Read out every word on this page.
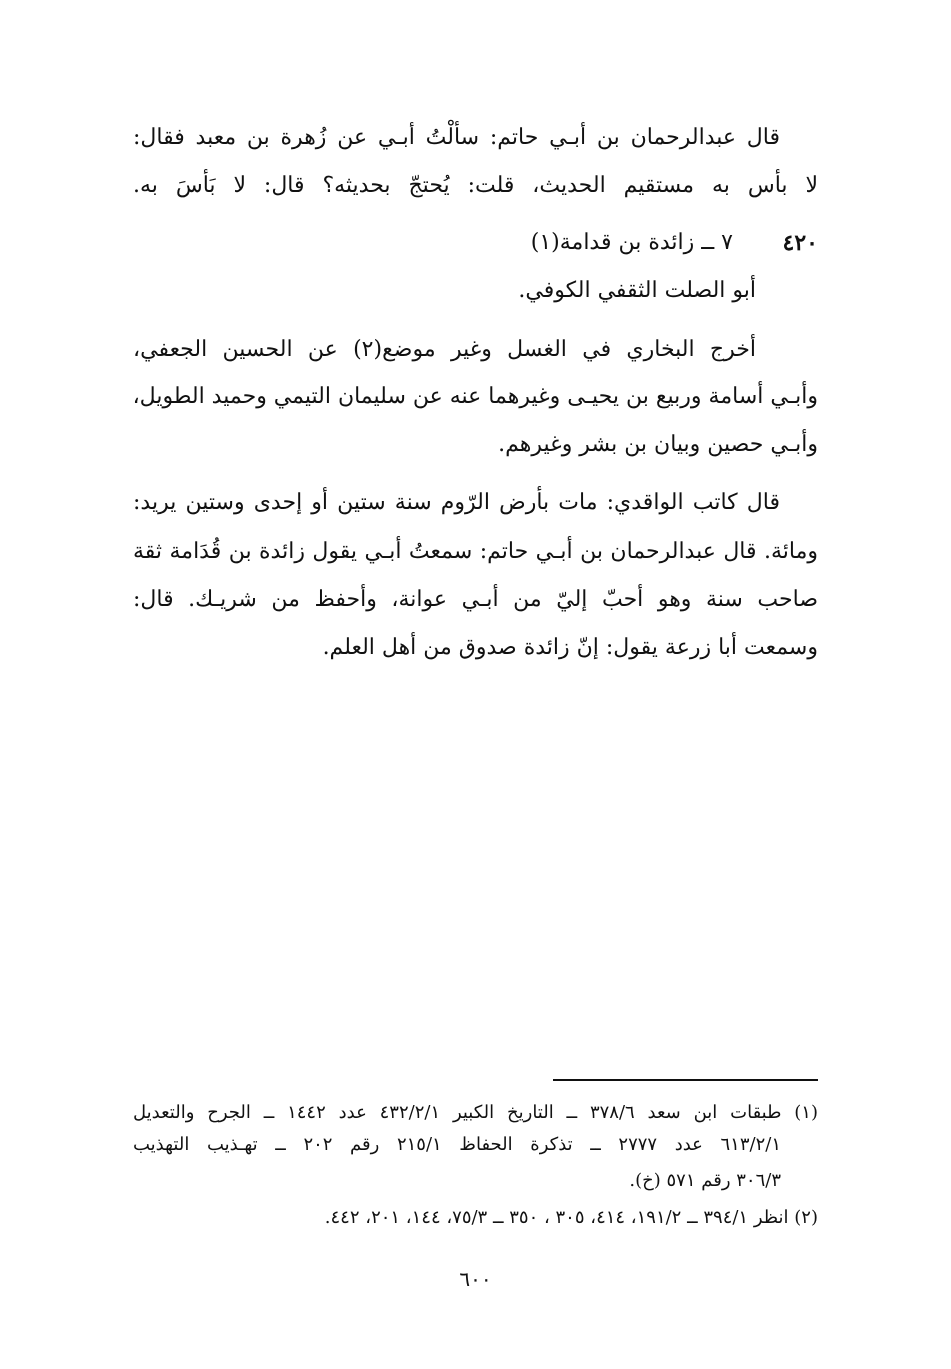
قال عبدالرحمان بن أبـي حاتم: سألْتُ أبـي عن زُهرة بن معبد فقال:
لا بأس به مستقيم الحديث، قلت: يُحتجّ بحديثه؟ قال: لا بَأسَ به.
٤٢٠
٧ ــ زائدة بن قدامة(١)
أبو الصلت الثقفي الكوفي.
أخرج البخاري في الغسل وغير موضع(٢) عن الحسين الجعفي،
وأبـي أسامة وربيع بن يحيـى وغيرهما عنه عن سليمان التيمي وحميد الطويل،
وأبـي حصين وبيان بن بشر وغيرهم.
قال كاتب الواقدي: مات بأرض الرّوم سنة ستين أو إحدى وستين يريد:
ومائة. قال عبدالرحمان بن أبـي حاتم: سمعتُ أبـي يقول زائدة بن قُدَامة ثقة
صاحب سنة وهو أحبّ إليّ من أبـي عوانة، وأحفظ من شريـك. قال:
وسمعت أبا زرعة يقول: إنّ زائدة صدوق من أهل العلم.
(١) طبقات ابن سعد ٣٧٨/٦ ــ التاريخ الكبير ٤٣٢/٢/١ عدد ١٤٤٢ ــ الجرح والتعديل
٦١٣/٢/١ عدد ٢٧٧٧ ــ تذكرة الحفاظ ٢١٥/١ رقم ٢٠٢ ــ تهـذيب التهذيب
٣٠٦/٣ رقم ٥٧١ (خ).
(٢) انظر ٣٩٤/١ ــ ١٩١/٢، ٤١٤، ٣٠٥ ، ٣٥٠ ــ ٧٥/٣، ١٤٤، ٢٠١، ٤٤٢.
٦٠٠
